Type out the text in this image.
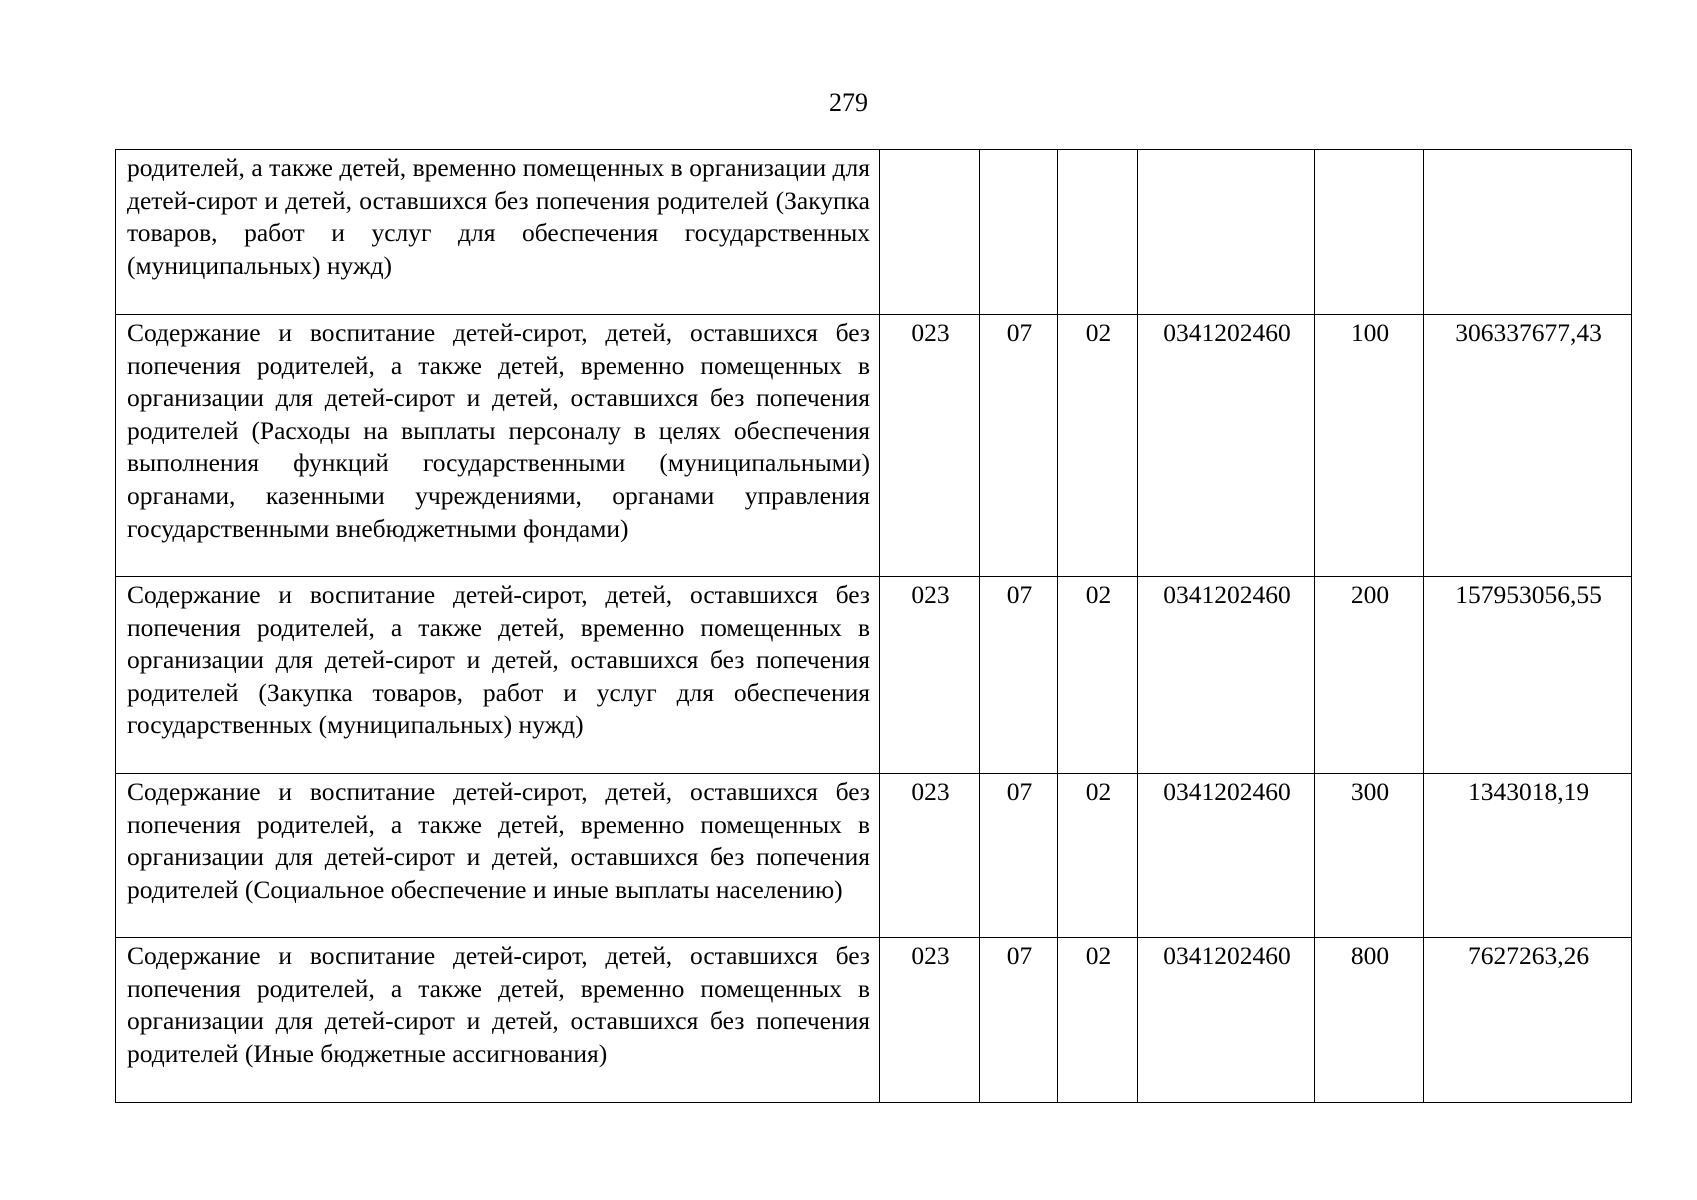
279
родителей, а также детей, временно помещенных в организации для детей-сирот и детей, оставшихся без попечения родителей (Закупка товаров, работ и услуг для обеспечения государственных (муниципальных) нужд)						
Содержание и воспитание детей-сирот, детей, оставшихся без попечения родителей, а также детей, временно помещенных в организации для детей-сирот и детей, оставшихся без попечения родителей (Расходы на выплаты персоналу в целях обеспечения выполнения функций государственными (муниципальными) органами, казенными учреждениями, органами управления государственными внебюджетными фондами)	023	07	02	0341202460	100	306337677,43
Содержание и воспитание детей-сирот, детей, оставшихся без попечения родителей, а также детей, временно помещенных в организации для детей-сирот и детей, оставшихся без попечения родителей (Закупка товаров, работ и услуг для обеспечения государственных (муниципальных) нужд)	023	07	02	0341202460	200	157953056,55
Содержание и воспитание детей-сирот, детей, оставшихся без попечения родителей, а также детей, временно помещенных в организации для детей-сирот и детей, оставшихся без попечения родителей (Социальное обеспечение и иные выплаты населению)	023	07	02	0341202460	300	1343018,19
Содержание и воспитание детей-сирот, детей, оставшихся без попечения родителей, а также детей, временно помещенных в организации для детей-сирот и детей, оставшихся без попечения родителей (Иные бюджетные ассигнования)	023	07	02	0341202460	800	7627263,26
